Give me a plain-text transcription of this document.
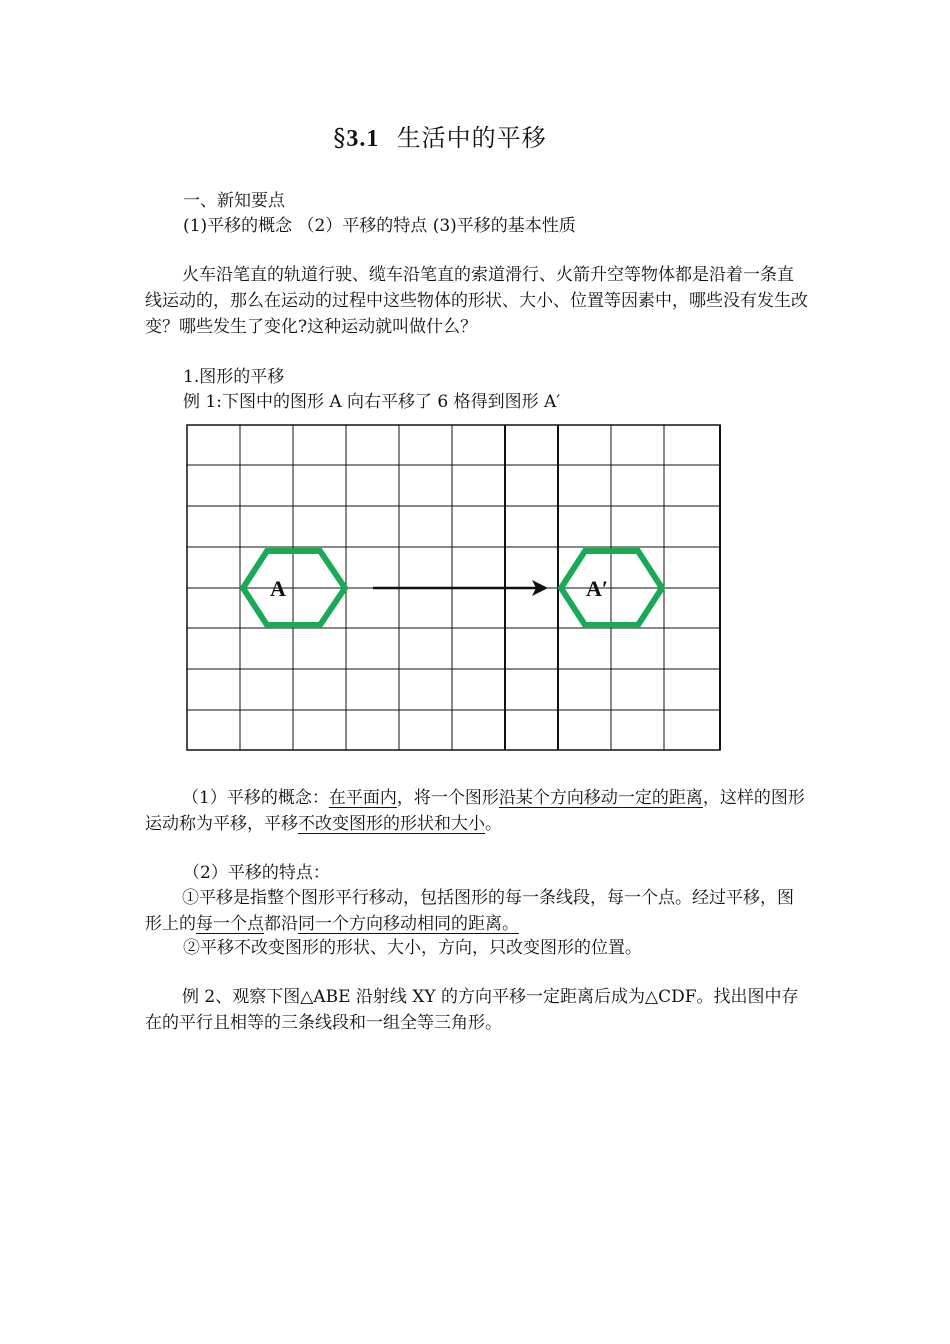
§3.1 生活中的平移
一、新知要点
(1)平移的概念 （2）平移的特点 (3)平移的基本性质
火车沿笔直的轨道行驶、缆车沿笔直的索道滑行、火箭升空等物体都是沿着一条直线运动的，那么在运动的过程中这些物体的形状、大小、位置等因素中，哪些没有发生改变？哪些发生了变化?这种运动就叫做什么？
1.图形的平移
例 1:下图中的图形 A 向右平移了 6 格得到图形 A′
A	A′
（1）平移的概念：在平面内，将一个图形沿某个方向移动一定的距离，这样的图形运动称为平移，平移不改变图形的形状和大小。
（2）平移的特点：
①平移是指整个图形平行移动，包括图形的每一条线段，每一个点。经过平移，图形上的每一个点都沿同一个方向移动相同的距离。
②平移不改变图形的形状、大小，方向，只改变图形的位置。
例 2、观察下图△ABE 沿射线 XY 的方向平移一定距离后成为△CDF。找出图中存在的平行且相等的三条线段和一组全等三角形。
